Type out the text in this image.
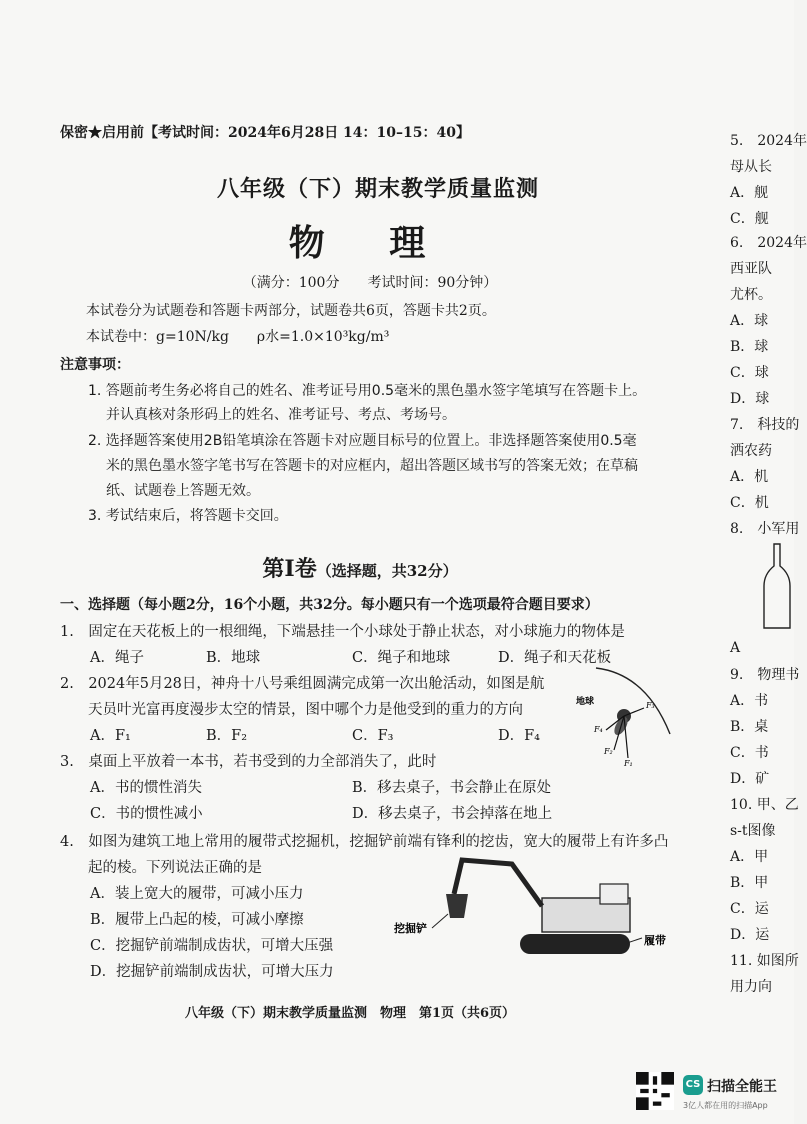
保密★启用前【考试时间：2024年6月28日 14：10–15：40】
八年级（下）期末教学质量监测
物 理
（满分：100分　　考试时间：90分钟）
本试卷分为试题卷和答题卡两部分，试题卷共6页，答题卡共2页。
本试卷中：g=10N/kg　　ρ水=1.0×10³kg/m³
注意事项：
1. 答题前考生务必将自己的姓名、准考证号用0.5毫米的黑色墨水签字笔填写在答题卡上。
并认真核对条形码上的姓名、准考证号、考点、考场号。
2. 选择题答案使用2B铅笔填涂在答题卡对应题目标号的位置上。非选择题答案使用0.5毫
米的黑色墨水签字笔书写在答题卡的对应框内，超出答题区域书写的答案无效；在草稿
纸、试题卷上答题无效。
3. 考试结束后，将答题卡交回。
第Ⅰ卷（选择题，共32分）
一、选择题（每小题2分，16个小题，共32分。每小题只有一个选项最符合题目要求）
1.　固定在天花板上的一根细绳，下端悬挂一个小球处于静止状态，对小球施力的物体是
A．绳子	B．地球	C．绳子和地球	D．绳子和天花板
2.　2024年5月28日，神舟十八号乘组圆满完成第一次出舱活动，如图是航
天员叶光富再度漫步太空的情景，图中哪个力是他受到的重力的方向
A．F₁	B．F₂	C．F₃	D．F₄
地球	F₃
F₁
F₄
F₂
3.　桌面上平放着一本书，若书受到的力全部消失了，此时
A．书的惯性消失	B．移去桌子，书会静止在原处
C．书的惯性减小	D．移去桌子，书会掉落在地上
4.　如图为建筑工地上常用的履带式挖掘机，挖掘铲前端有锋利的挖齿，宽大的履带上有许多凸
起的棱。下列说法正确的是
A．装上宽大的履带，可减小压力
B．履带上凸起的棱，可减小摩擦
C．挖掘铲前端制成齿状，可增大压强
D．挖掘铲前端制成齿状，可增大压力
挖掘铲
履带
八年级（下）期末教学质量监测　物理　第1页（共6页）
5.　2024年
母从长
A．舰
C．舰
6.　2024年
西亚队
尤杯。
A．球
B．球
C．球
D．球
7.　科技的
洒农药
A．机
C．机
8.　小军用
A
9.　物理书
A．书
B．桌
C．书
D．矿
10. 甲、乙
s-t图像
A．甲
B．甲
C．运
D．运
11. 如图所
用力向
CS 扫描全能王
3亿人都在用的扫描App
